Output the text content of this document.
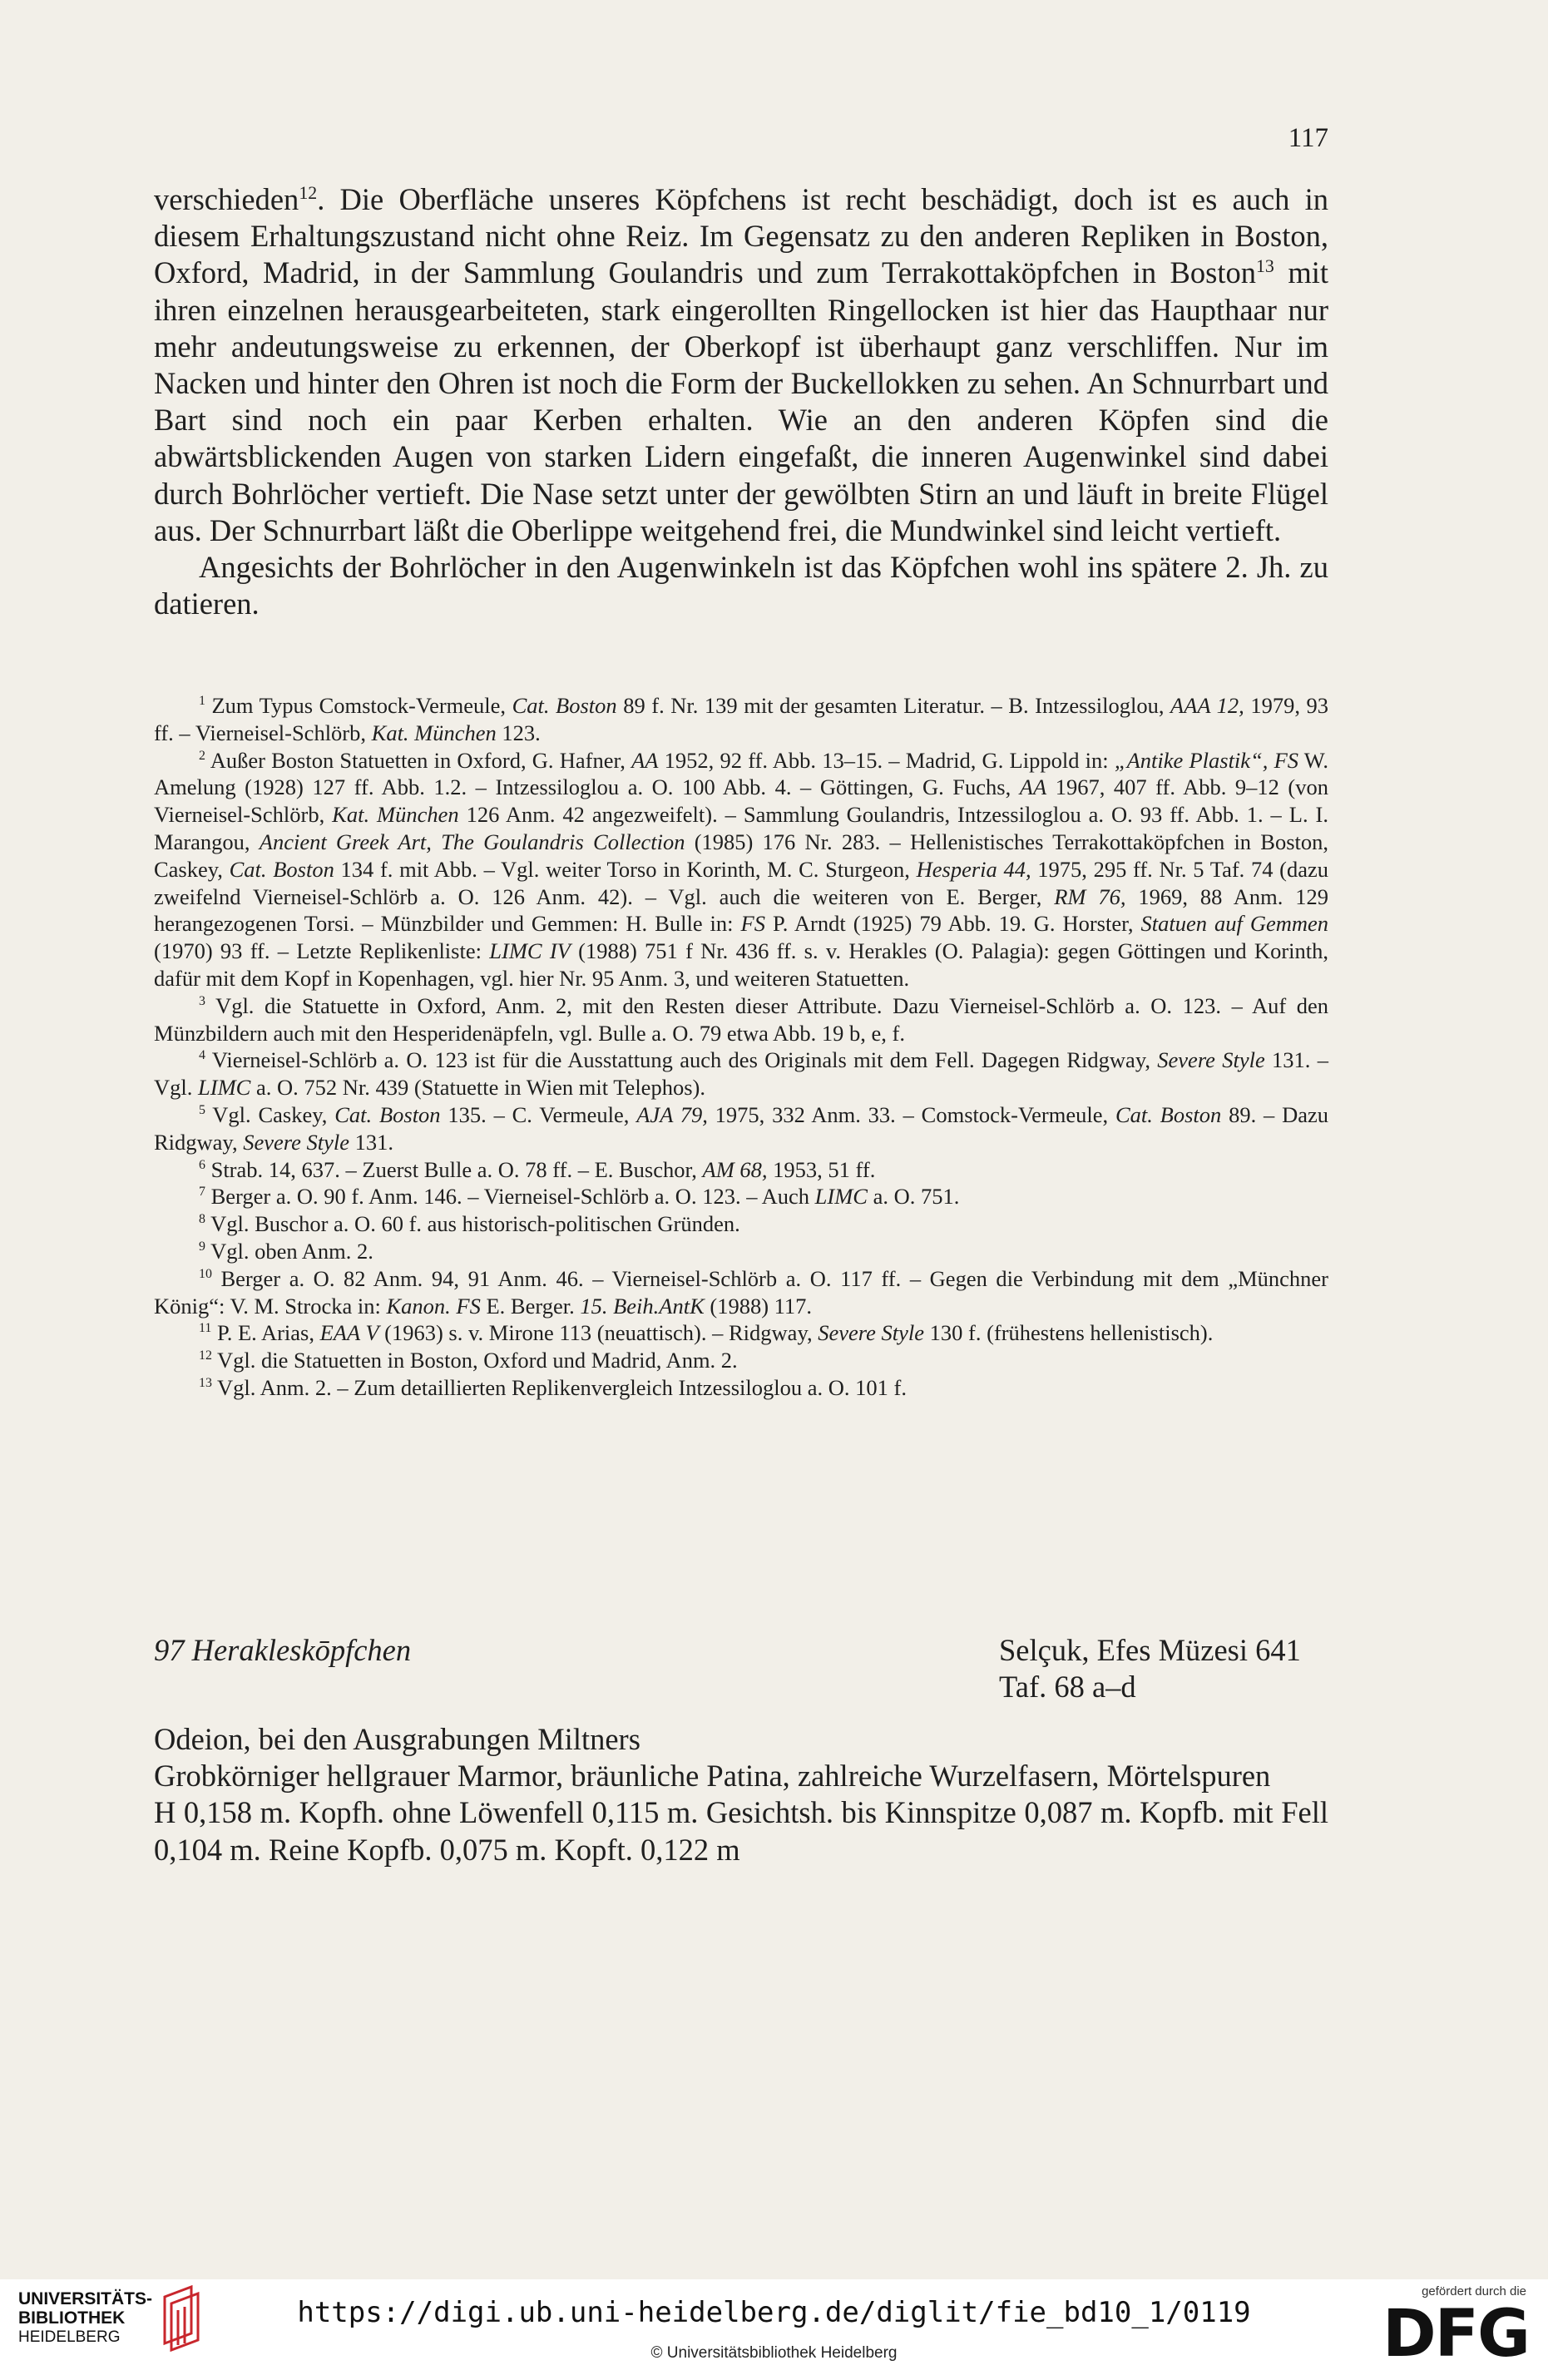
117

verschieden$^{12}$. Die Oberfläche unseres Köpfchens ist recht beschädigt, doch ist es auch in diesem Erhaltungszustand nicht ohne Reiz. Im Gegensatz zu den anderen Repliken in Boston, Oxford, Madrid, in der Sammlung Goulandris und zum Terrakottaköpfchen in Boston$^{13}$ mit ihren einzelnen herausgearbeiteten, stark eingerollten Ringellocken ist hier das Haupthaar nur mehr andeutungsweise zu erkennen, der Oberkopf ist überhaupt ganz verschliffen. Nur im Nacken und hinter den Ohren ist noch die Form der Buckellokken zu sehen. An Schnurrbart und Bart sind noch ein paar Kerben erhalten. Wie an den anderen Köpfen sind die abwärtsblickenden Augen von starken Lidern eingefaßt, die inneren Augenwinkel sind dabei durch Bohrlöcher vertieft. Die Nase setzt unter der gewölbten Stirn an und läuft in breite Flügel aus. Der Schnurrbart läßt die Oberlippe weitgehend frei, die Mundwinkel sind leicht vertieft.

Angesichts der Bohrlöcher in den Augenwinkeln ist das Köpfchen wohl ins spätere 2. Jh. zu datieren.

$^1$ Zum Typus Comstock-Vermeule, Cat. Boston 89 f. Nr. 139 mit der gesamten Literatur. – B. Intzessiloglou, AAA 12, 1979, 93 ff. – Vierneisel-Schlörb, Kat. München 123.

$^2$ Außer Boston Statuetten in Oxford, G. Hafner, AA 1952, 92 ff. Abb. 13–15. – Madrid, G. Lippold in: „Antike Plastik“, FS W. Amelung (1928) 127 ff. Abb. 1.2. – Intzessiloglou a. O. 100 Abb. 4. – Göttingen, G. Fuchs, AA 1967, 407 ff. Abb. 9–12 (von Vierneisel-Schlörb, Kat. München 126 Anm. 42 angezweifelt). – Sammlung Goulandris, Intzessiloglou a. O. 93 ff. Abb. 1. – L. I. Marangou, Ancient Greek Art, The Goulandris Collection (1985) 176 Nr. 283. – Hellenistisches Terrakottaköpfchen in Boston, Caskey, Cat. Boston 134 f. mit Abb. – Vgl. weiter Torso in Korinth, M. C. Sturgeon, Hesperia 44, 1975, 295 ff. Nr. 5 Taf. 74 (dazu zweifelnd Vierneisel-Schlörb a. O. 126 Anm. 42). – Vgl. auch die weiteren von E. Berger, RM 76, 1969, 88 Anm. 129 herangezogenen Torsi. – Münzbilder und Gemmen: H. Bulle in: FS P. Arndt (1925) 79 Abb. 19. G. Horster, Statuen auf Gemmen (1970) 93 ff. – Letzte Replikenliste: LIMC IV (1988) 751 f Nr. 436 ff. s. v. Herakles (O. Palagia): gegen Göttingen und Korinth, dafür mit dem Kopf in Kopenhagen, vgl. hier Nr. 95 Anm. 3, und weiteren Statuetten.

$^3$ Vgl. die Statuette in Oxford, Anm. 2, mit den Resten dieser Attribute. Dazu Vierneisel-Schlörb a. O. 123. – Auf den Münzbildern auch mit den Hesperidenäpfeln, vgl. Bulle a. O. 79 etwa Abb. 19 b, e, f.

$^4$ Vierneisel-Schlörb a. O. 123 ist für die Ausstattung auch des Originals mit dem Fell. Dagegen Ridgway, Severe Style 131. – Vgl. LIMC a. O. 752 Nr. 439 (Statuette in Wien mit Telephos).

$^5$ Vgl. Caskey, Cat. Boston 135. – C. Vermeule, AJA 79, 1975, 332 Anm. 33. – Comstock-Vermeule, Cat. Boston 89. – Dazu Ridgway, Severe Style 131.

$^6$ Strab. 14, 637. – Zuerst Bulle a. O. 78 ff. – E. Buschor, AM 68, 1953, 51 ff.

$^7$ Berger a. O. 90 f. Anm. 146. – Vierneisel-Schlörb a. O. 123. – Auch LIMC a. O. 751.

$^8$ Vgl. Buschor a. O. 60 f. aus historisch-politischen Gründen.

$^9$ Vgl. oben Anm. 2.

$^{10}$ Berger a. O. 82 Anm. 94, 91 Anm. 46. – Vierneisel-Schlörb a. O. 117 ff. – Gegen die Verbindung mit dem „Münchner König“: V. M. Strocka in: Kanon. FS E. Berger. 15. Beih.AntK (1988) 117.

$^{11}$ P. E. Arias, EAA V (1963) s. v. Mirone 113 (neuattisch). – Ridgway, Severe Style 130 f. (frühestens hellenistisch).

$^{12}$ Vgl. die Statuetten in Boston, Oxford und Madrid, Anm. 2.

$^{13}$ Vgl. Anm. 2. – Zum detaillierten Replikenvergleich Intzessiloglou a. O. 101 f.

97 Herakleskōpfchen	Selçuk, Efes Müzesi 641
Taf. 68 a–d

Odeion, bei den Ausgrabungen Miltners

Grobkörniger hellgrauer Marmor, bräunliche Patina, zahlreiche Wurzelfasern, Mörtelspuren

H 0,158 m. Kopfh. ohne Löwenfell 0,115 m. Gesichtsh. bis Kinnspitze 0,087 m. Kopfb. mit Fell 0,104 m. Reine Kopfb. 0,075 m. Kopft. 0,122 m

UNIVERSITÄTS-
BIBLIOTHEK
HEIDELBERG
https://digi.ub.uni-heidelberg.de/diglit/fie_bd10_1/0119
© Universitätsbibliothek Heidelberg
gefördert durch die
DFG
